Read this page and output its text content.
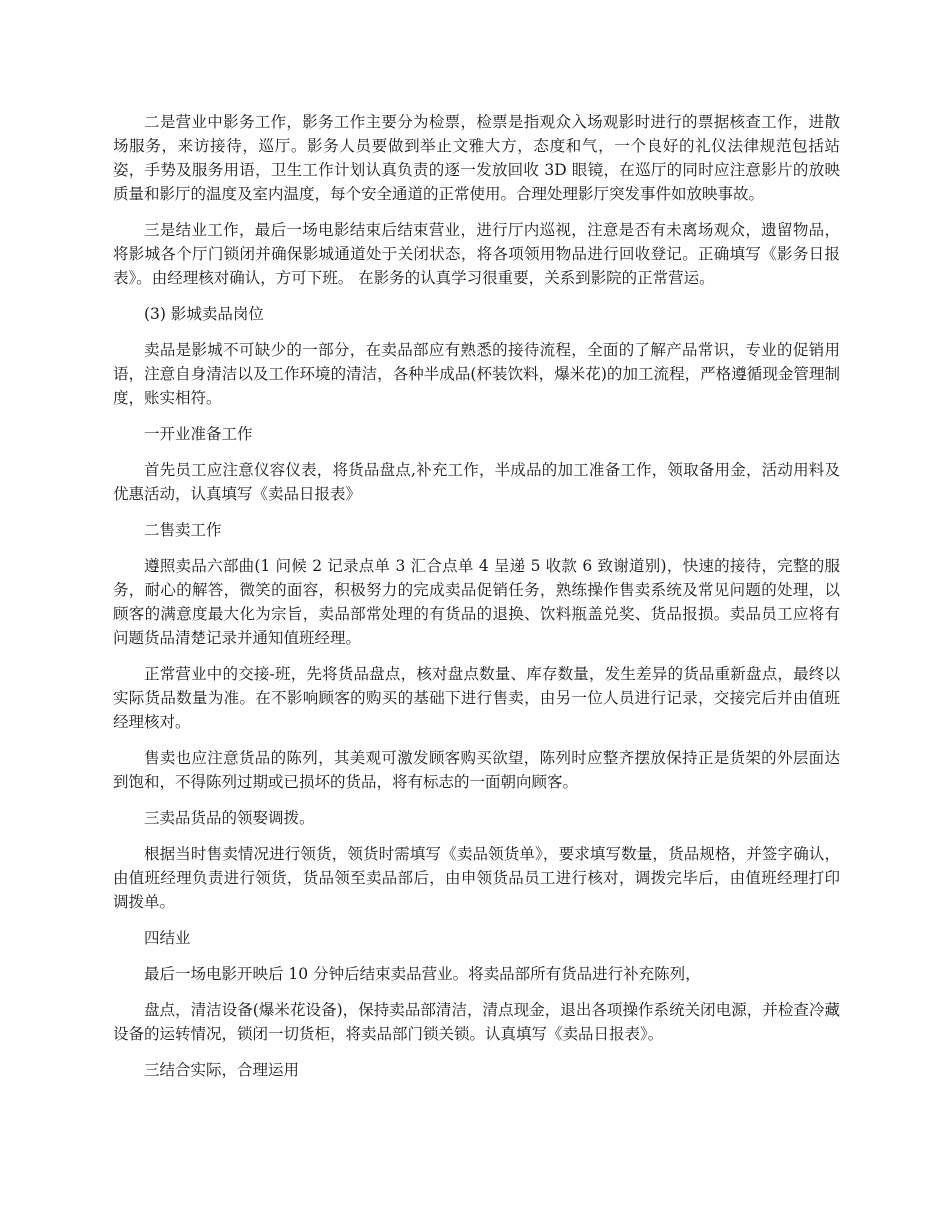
二是营业中影务工作，影务工作主要分为检票，检票是指观众入场观影时进行的票据核查工作，进散场服务，来访接待，巡厅。影务人员要做到举止文雅大方，态度和气，一个良好的礼仪法律规范包括站姿，手势及服务用语，卫生工作计划认真负责的逐一发放回收 3D 眼镜，在巡厅的同时应注意影片的放映质量和影厅的温度及室内温度，每个安全通道的正常使用。合理处理影厅突发事件如放映事故。

三是结业工作，最后一场电影结束后结束营业，进行厅内巡视，注意是否有未离场观众，遗留物品，将影城各个厅门锁闭并确保影城通道处于关闭状态，将各项领用物品进行回收登记。正确填写《影务日报表》。由经理核对确认，方可下班。 在影务的认真学习很重要，关系到影院的正常营运。

(3) 影城卖品岗位

卖品是影城不可缺少的一部分，在卖品部应有熟悉的接待流程，全面的了解产品常识，专业的促销用语，注意自身清洁以及工作环境的清洁，各种半成品(杯装饮料，爆米花)的加工流程，严格遵循现金管理制度，账实相符。

一开业准备工作

首先员工应注意仪容仪表，将货品盘点,补充工作，半成品的加工准备工作，领取备用金，活动用料及优惠活动，认真填写《卖品日报表》

二售卖工作

遵照卖品六部曲(1 问候 2 记录点单 3 汇合点单 4 呈递 5 收款 6 致谢道别)，快速的接待，完整的服务，耐心的解答，微笑的面容，积极努力的完成卖品促销任务，熟练操作售卖系统及常见问题的处理，以顾客的满意度最大化为宗旨，卖品部常处理的有货品的退换、饮料瓶盖兑奖、货品报损。卖品员工应将有问题货品清楚记录并通知值班经理。

正常营业中的交接-班，先将货品盘点，核对盘点数量、库存数量，发生差异的货品重新盘点，最终以实际货品数量为准。在不影响顾客的购买的基础下进行售卖，由另一位人员进行记录，交接完后并由值班经理核对。

售卖也应注意货品的陈列，其美观可激发顾客购买欲望，陈列时应整齐摆放保持正是货架的外层面达到饱和，不得陈列过期或已损坏的货品，将有标志的一面朝向顾客。

三卖品货品的领娶调拨。

根据当时售卖情况进行领货，领货时需填写《卖品领货单》，要求填写数量，货品规格，并签字确认，由值班经理负责进行领货，货品领至卖品部后，由申领货品员工进行核对，调拨完毕后，由值班经理打印调拨单。

四结业

最后一场电影开映后 10 分钟后结束卖品营业。将卖品部所有货品进行补充陈列，

盘点，清洁设备(爆米花设备)，保持卖品部清洁，清点现金，退出各项操作系统关闭电源，并检查冷藏设备的运转情况，锁闭一切货柜，将卖品部门锁关锁。认真填写《卖品日报表》。

三结合实际，合理运用
